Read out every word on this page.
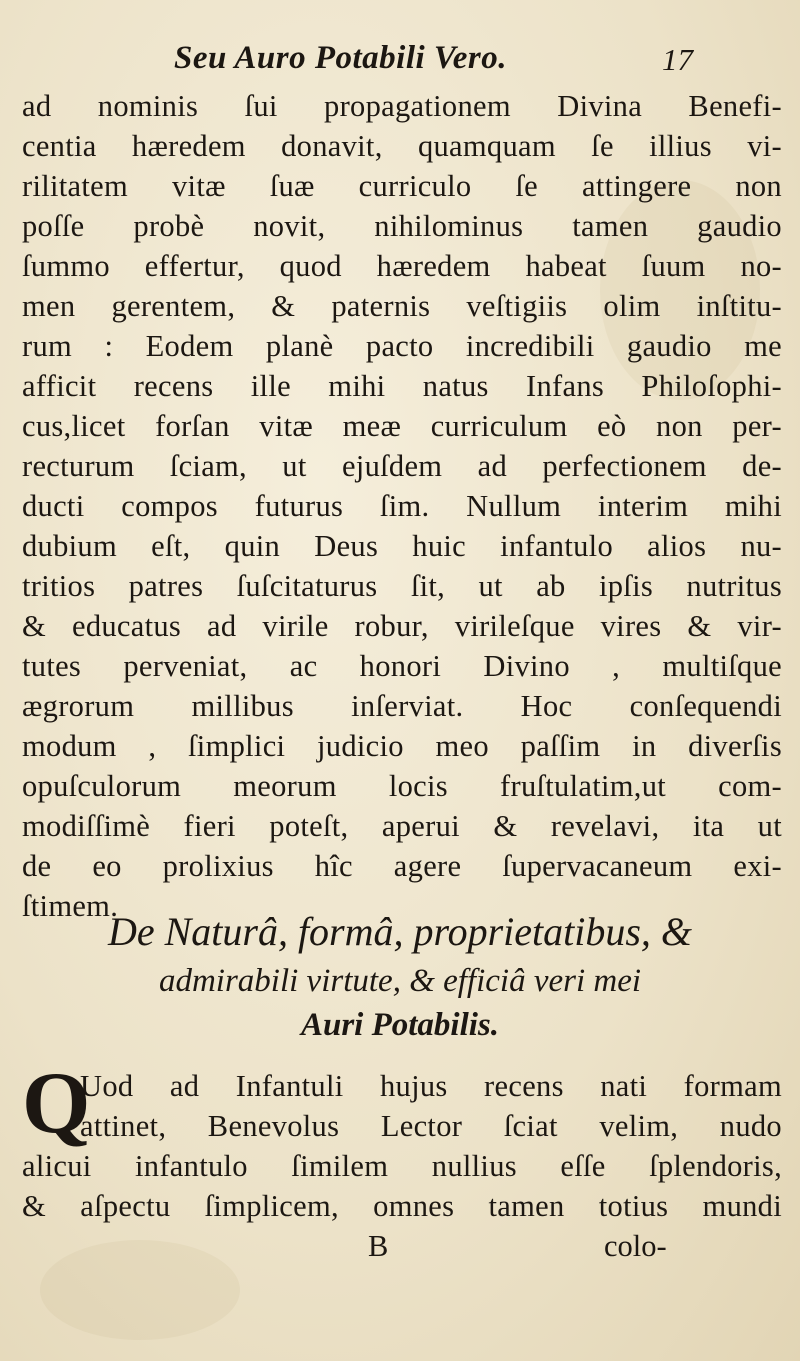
Seu Auro Potabili Vero.	17
ad nominis ſui propagationem Divina Benefi-
centia hæredem donavit, quamquam ſe illius vi-
rilitatem vitæ ſuæ curriculo ſe attingere non
poſſe probè novit, nihilominus tamen gaudio
ſummo effertur, quod hæredem habeat ſuum no-
men gerentem, & paternis veſtigiis olim inſtitu-
rum : Eodem planè pacto incredibili gaudio me
afficit recens ille mihi natus Infans Philoſophi-
cus,licet forſan vitæ meæ curriculum eò non per-
recturum ſciam, ut ejuſdem ad perfectionem de-
ducti compos futurus ſim. Nullum interim mihi
dubium eſt, quin Deus huic infantulo alios nu-
tritios patres ſuſcitaturus ſit, ut ab ipſis nutritus
& educatus ad virile robur, virileſque vires & vir-
tutes perveniat, ac honori Divino , multiſque
ægrorum millibus inſerviat. Hoc conſequendi
modum , ſimplici judicio meo paſſim in diverſis
opuſculorum meorum locis fruſtulatim,ut com-
modiſſimè fieri poteſt, aperui & revelavi, ita ut
de eo prolixius hîc agere ſupervacaneum exi-
ſtimem.
De Naturâ, formâ, proprietatibus, &
admirabili virtute, & efficiâ veri mei
Auri Potabilis.
Q
Uod ad Infantuli hujus recens nati formam
attinet, Benevolus Lector ſciat velim, nudo
alicui infantulo ſimilem nullius eſſe ſplendoris,
& aſpectu ſimplicem, omnes tamen totius mundi
B	colo-
